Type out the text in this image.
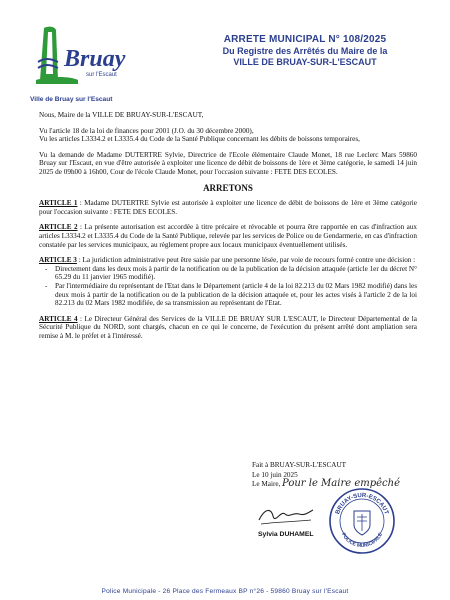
Bruay
sur l'Escaut
Ville de Bruay sur l'Escaut
ARRETE MUNICIPAL N° 108/2025
Du Registre des Arrêtés du Maire de la
VILLE DE BRUAY-SUR-L'ESCAUT

Nous, Maire de la VILLE DE BRUAY-SUR-L'ESCAUT,

Vu l'article 18 de la loi de finances pour 2001 (J.O. du 30 décembre 2000),

Vu les articles L3334.2 et L3335.4 du Code de la Santé Publique concernant les débits de boissons temporaires,

Vu la demande de Madame DUTERTRE Sylvie, Directrice de l'Ecole élémentaire Claude Monet, 18 rue Leclerc Mars 59860 Bruay sur l'Escaut, en vue d'être autorisée à exploiter une licence de débit de boissons de 1ère et 3ème catégorie, le samedi 14 juin 2025 de 09h00 à 16h00, Cour de l'école Claude Monet, pour l'occasion suivante : FETE DES ECOLES.

ARRETONS

ARTICLE 1 : Madame DUTERTRE Sylvie est autorisée à exploiter une licence de débit de boissons de 1ère et 3ème catégorie pour l'occasion suivante : FETE DES ECOLES.

ARTICLE 2 : La présente autorisation est accordée à titre précaire et révocable et pourra être rapportée en cas d'infraction aux articles L3334.2 et L3335.4 du Code de la Santé Publique, relevée par les services de Police ou de Gendarmerie, en cas d'infraction constatée par les services municipaux, au règlement propre aux locaux municipaux éventuellement utilisés.

ARTICLE 3 : La juridiction administrative peut être saisie par une personne lésée, par voie de recours formé contre une décision :

- Directement dans les deux mois à partir de la notification ou de la publication de la décision attaquée (article 1er du décret N° 65.29 du 11 janvier 1965 modifié).
- Par l'intermédiaire du représentant de l'Etat dans le Département (article 4 de la loi 82.213 du 02 Mars 1982 modifié) dans les deux mois à partir de la notification ou de la publication de la décision attaquée et, pour les actes visés à l'article 2 de la loi 82.213 du 02 Mars 1982 modifiée, de sa transmission au représentant de l'Etat.

ARTICLE 4 : Le Directeur Général des Services de la VILLE DE BRUAY SUR L'ESCAUT, le Directeur Départemental de la Sécurité Publique du NORD, sont chargés, chacun en ce qui le concerne, de l'exécution du présent arrêté dont ampliation sera remise à M. le préfet et à l'intéressé.

Fait à BRUAY-SUR-L'ESCAUT
Le 10 juin 2025
Le Maire, Pour le Maire empêché
Sylvia DUHAMEL
BRUAY-SUR-ESCAUT
POLICE MUNICIPALE
Police Municipale - 26 Place des Fermeaux BP n°26 - 59860 Bruay sur l'Escaut
